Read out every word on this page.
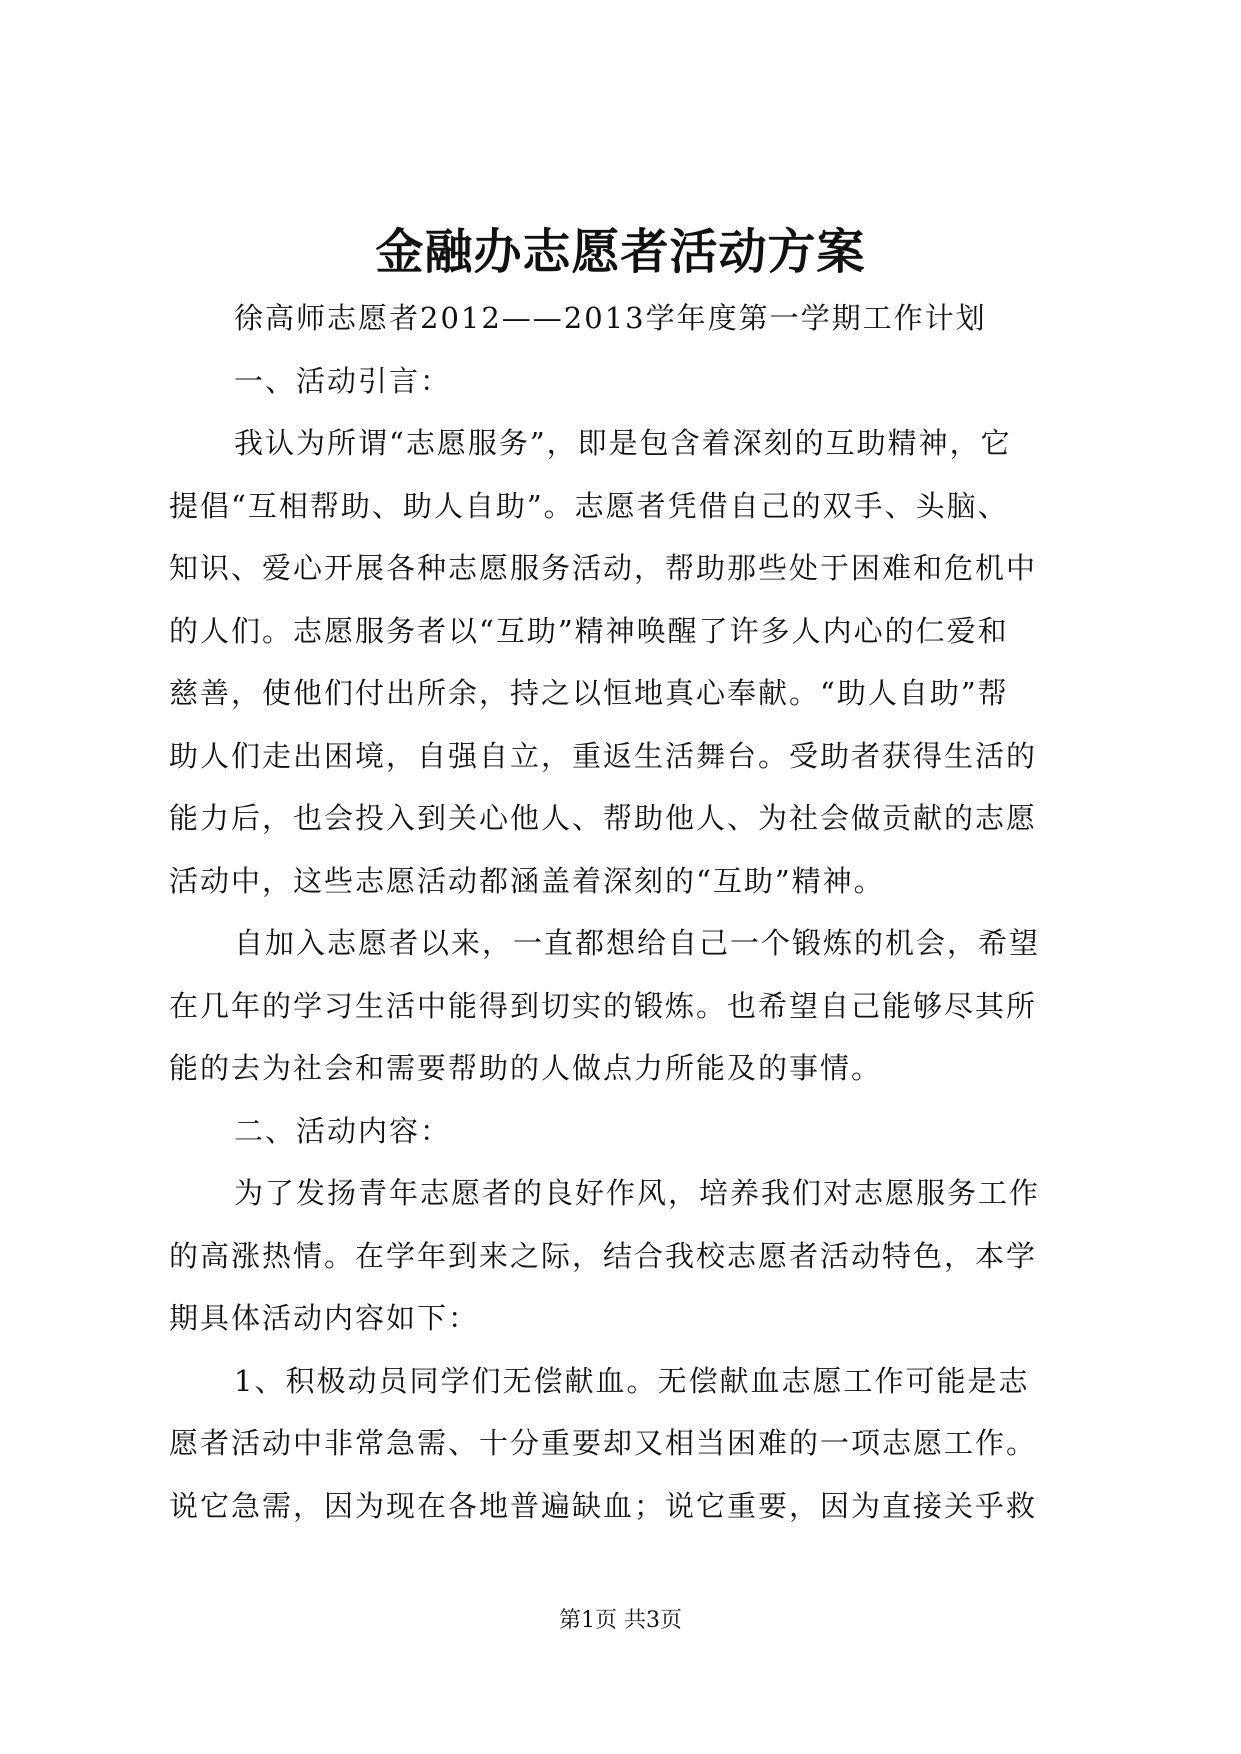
金融办志愿者活动方案
徐高师志愿者2012——2013学年度第一学期工作计划
一、活动引言：
我认为所谓“志愿服务”，即是包含着深刻的互助精神，它
提倡“互相帮助、助人自助”。志愿者凭借自己的双手、头脑、
知识、爱心开展各种志愿服务活动，帮助那些处于困难和危机中
的人们。志愿服务者以“互助”精神唤醒了许多人内心的仁爱和
慈善，使他们付出所余，持之以恒地真心奉献。“助人自助”帮
助人们走出困境，自强自立，重返生活舞台。受助者获得生活的
能力后，也会投入到关心他人、帮助他人、为社会做贡献的志愿
活动中，这些志愿活动都涵盖着深刻的“互助”精神。
自加入志愿者以来，一直都想给自己一个锻炼的机会，希望
在几年的学习生活中能得到切实的锻炼。也希望自己能够尽其所
能的去为社会和需要帮助的人做点力所能及的事情。
二、活动内容：
为了发扬青年志愿者的良好作风，培养我们对志愿服务工作
的高涨热情。在学年到来之际，结合我校志愿者活动特色，本学
期具体活动内容如下：
1、积极动员同学们无偿献血。无偿献血志愿工作可能是志
愿者活动中非常急需、十分重要却又相当困难的一项志愿工作。
说它急需，因为现在各地普遍缺血；说它重要，因为直接关乎救
第1页 共3页
